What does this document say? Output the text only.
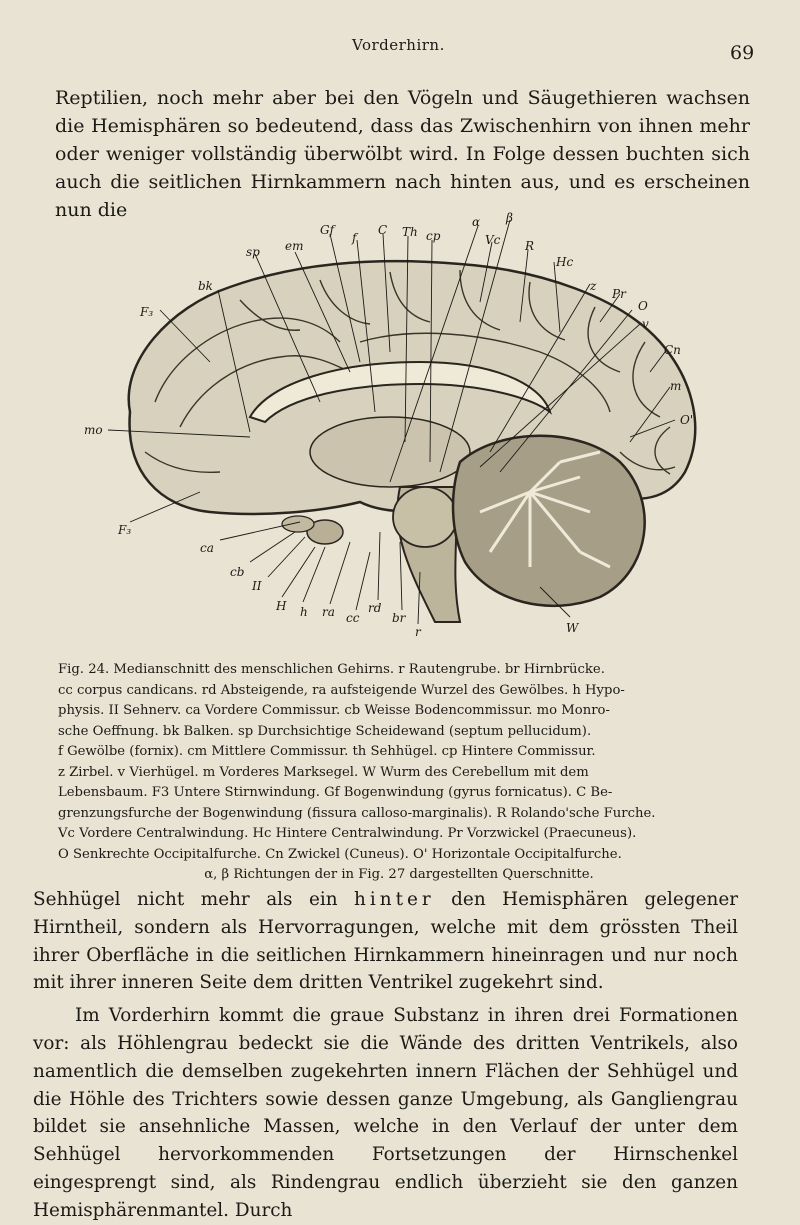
Vorderhirn.	69
Reptilien, noch mehr aber bei den Vögeln und Säugethieren wachsen die Hemisphären so bedeutend, dass das Zwischenhirn von ihnen mehr oder weniger vollständig überwölbt wird. In Folge dessen buchten sich auch die seitlichen Hirnkammern nach hinten aus, und es erscheinen nun die
sp em
Gf
f
C Th cp
α β
Vc R
Hc
bk
F₃
z
Pr
O
v
Cn
m
O'
mo
F₃
ca
cb
II
H h ra cc
rd
br
r	W
Fig. 24. Medianschnitt des menschlichen Gehirns. r Rautengrube. br Hirnbrücke.
cc corpus candicans. rd Absteigende, ra aufsteigende Wurzel des Gewölbes. h Hypo-
physis. II Sehnerv. ca Vordere Commissur. cb Weisse Bodencommissur. mo Monro-
sche Oeffnung. bk Balken. sp Durchsichtige Scheidewand (septum pellucidum).
f Gewölbe (fornix). cm Mittlere Commissur. th Sehhügel. cp Hintere Commissur.
z Zirbel. v Vierhügel. m Vorderes Marksegel. W Wurm des Cerebellum mit dem
Lebensbaum. F3 Untere Stirnwindung. Gf Bogenwindung (gyrus fornicatus). C Be-
grenzungsfurche der Bogenwindung (fissura calloso-marginalis). R Rolando'sche Furche.
Vc Vordere Centralwindung. Hc Hintere Centralwindung. Pr Vorzwickel (Praecuneus).
O Senkrechte Occipitalfurche. Cn Zwickel (Cuneus). O' Horizontale Occipitalfurche.
α, β Richtungen der in Fig. 27 dargestellten Querschnitte.

Sehhügel nicht mehr als ein hinter den Hemisphären gelegener Hirntheil, sondern als Hervorragungen, welche mit dem grössten Theil ihrer Oberfläche in die seitlichen Hirnkammern hineinragen und nur noch mit ihrer inneren Seite dem dritten Ventrikel zugekehrt sind.

Im Vorderhirn kommt die graue Substanz in ihren drei Formationen vor: als Höhlengrau bedeckt sie die Wände des dritten Ventrikels, also namentlich die demselben zugekehrten innern Flächen der Sehhügel und die Höhle des Trichters sowie dessen ganze Umgebung, als Gangliengrau bildet sie ansehnliche Massen, welche in den Verlauf der unter dem Sehhügel hervorkommenden Fortsetzungen der Hirnschenkel eingesprengt sind, als Rindengrau endlich überzieht sie den ganzen Hemisphärenmantel. Durch
